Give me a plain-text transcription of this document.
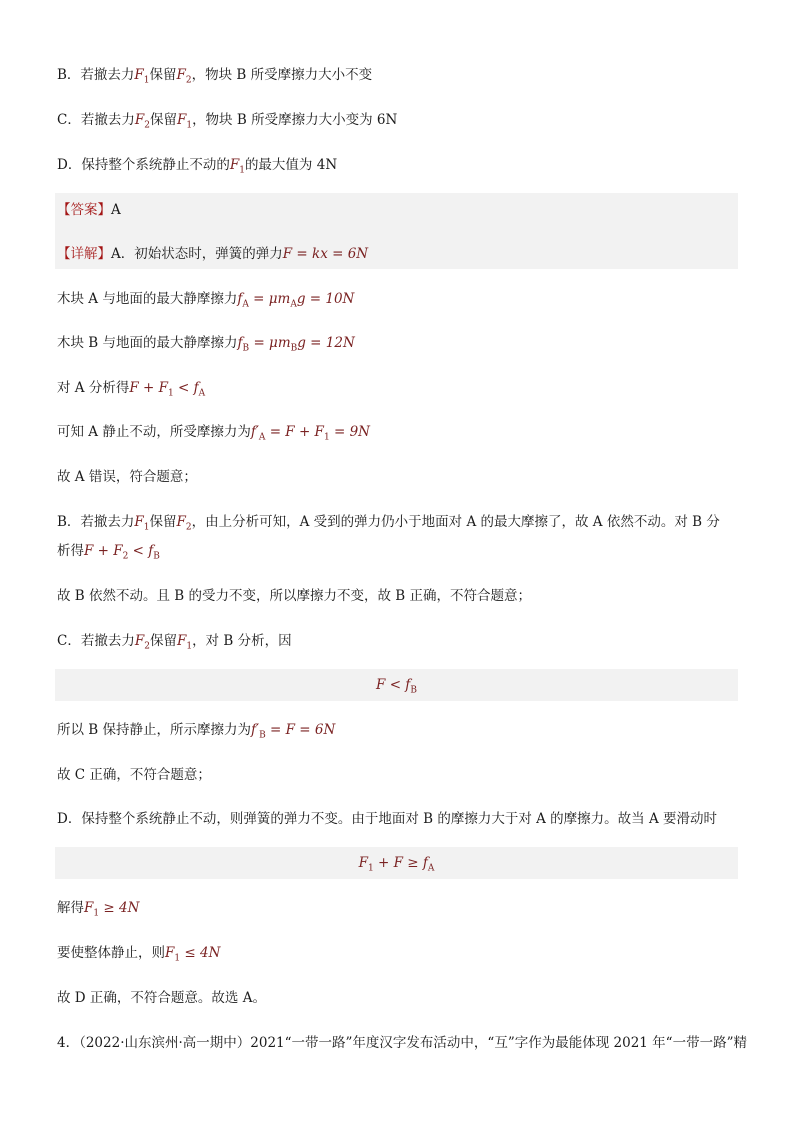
B．若撤去力$F_1$保留$F_2$，物块 B 所受摩擦力大小不变
C．若撤去力$F_2$保留$F_1$，物块 B 所受摩擦力大小变为 6N
D．保持整个系统静止不动的$F_1$的最大值为 4N
【答案】A
【详解】A．初始状态时，弹簧的弹力F = kx = 6N
木块 A 与地面的最大静摩擦力$f_A = \mu m_Ag = 10N$
木块 B 与地面的最大静摩擦力$f_B = \mu m_Bg = 12N$
对 A 分析得$F + F_1 < f_A$
可知 A 静止不动，所受摩擦力为$f'_A = F + F_1 = 9N$
故 A 错误，符合题意；
B．若撤去力$F_1$保留$F_2$，由上分析可知，A 受到的弹力仍小于地面对 A 的最大摩擦了，故 A 依然不动。对 B 分
析得$F + F_2 < f_B$
故 B 依然不动。且 B 的受力不变，所以摩擦力不变，故 B 正确，不符合题意；
C．若撤去力$F_2$保留$F_1$，对 B 分析，因
$F < f_B$
所以 B 保持静止，所示摩擦力为$f'_B = F = 6N$
故 C 正确，不符合题意；
D．保持整个系统静止不动，则弹簧的弹力不变。由于地面对 B 的摩擦力大于对 A 的摩擦力。故当 A 要滑动时
$F_1 + F \ge f_A$
解得$F_1 \ge 4N$
要使整体静止，则$F_1 \le 4N$
故 D 正确，不符合题意。故选 A。
4．（2022·山东滨州·高一期中）2021“一带一路”年度汉字发布活动中，“互”字作为最能体现 2021 年“一带一路”精
